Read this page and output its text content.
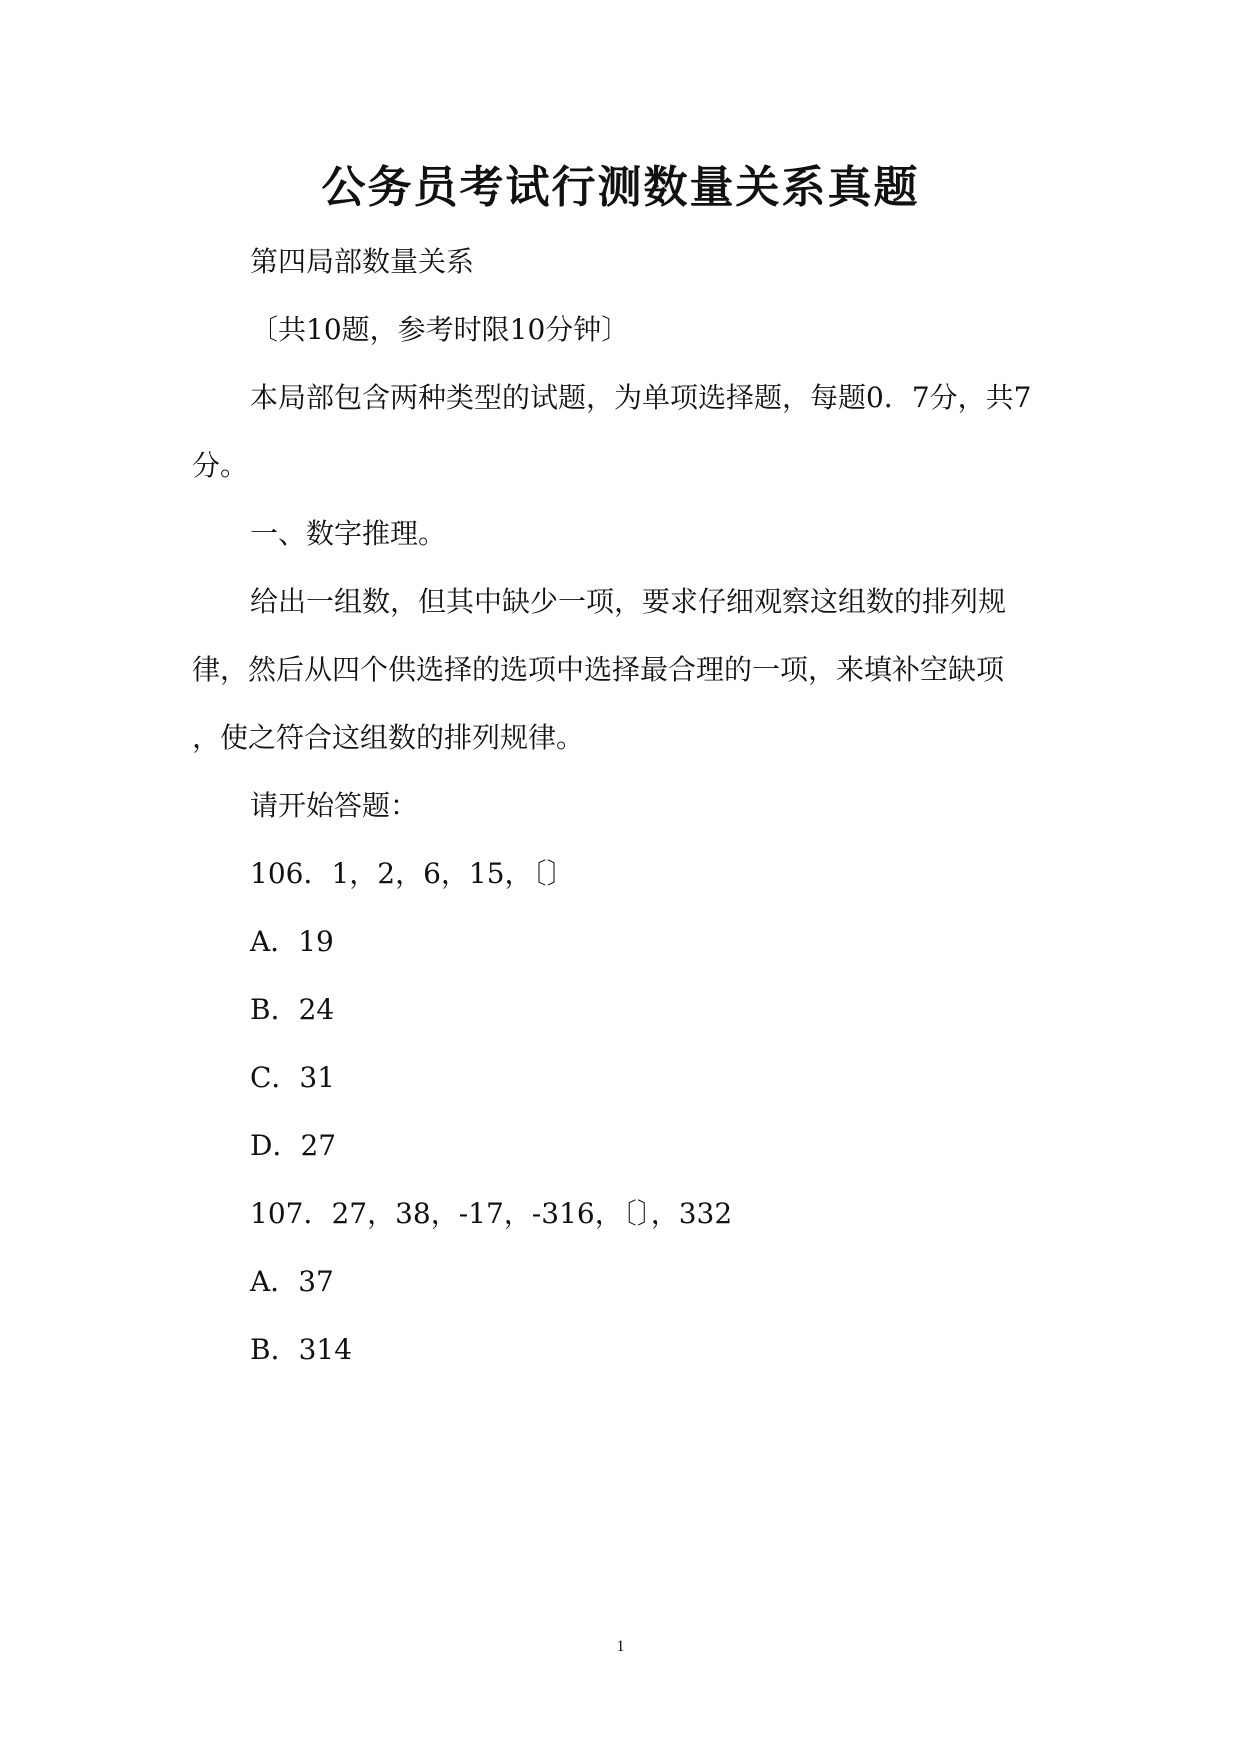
公务员考试行测数量关系真题
第四局部数量关系
〔共10题，参考时限10分钟〕
本局部包含两种类型的试题，为单项选择题，每题0．7分，共7
分。
一、数字推理。
给出一组数，但其中缺少一项，要求仔细观察这组数的排列规
律，然后从四个供选择的选项中选择最合理的一项，来填补空缺项
，使之符合这组数的排列规律。
请开始答题：
106．1，2，6，15，〔〕
A．19
B．24
C．31
D．27
107．27，38，-17，-316，〔〕，332
A．37
B．314
1
